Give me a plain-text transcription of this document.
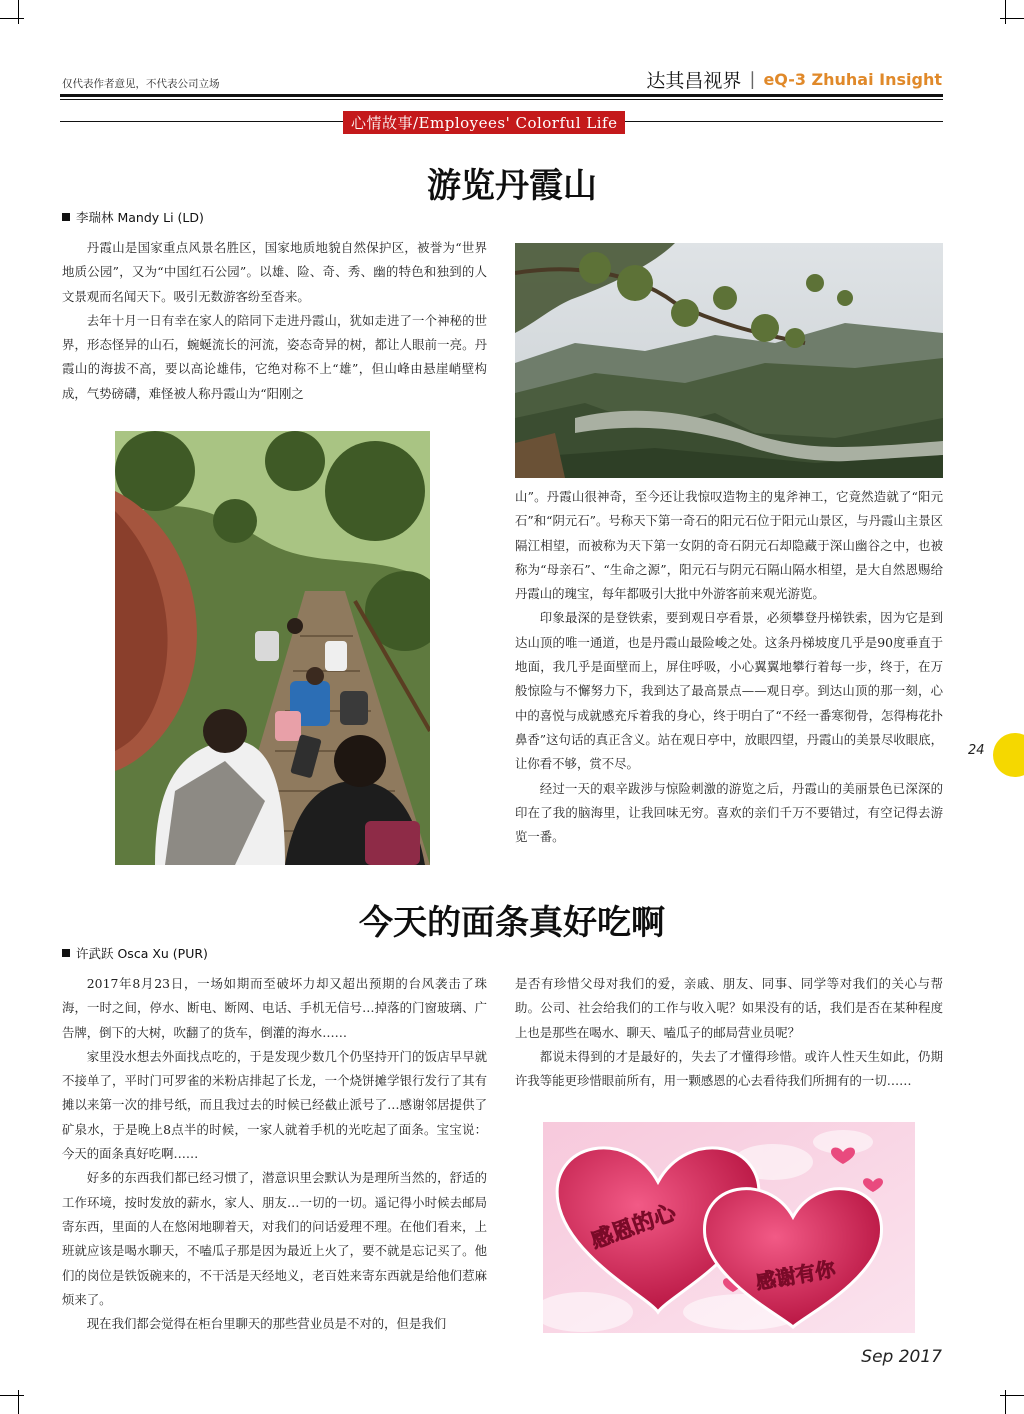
仅代表作者意见，不代表公司立场	达其昌视界 | eQ-3 Zhuhai Insight
心情故事/Employees' Colorful Life
游览丹霞山
李瑞林 Mandy Li (LD)

丹霞山是国家重点风景名胜区，国家地质地貌自然保护区，被誉为“世界地质公园”，又为“中国红石公园”。以雄、险、奇、秀、幽的特色和独到的人文景观而名闻天下。吸引无数游客纷至沓来。

去年十月一日有幸在家人的陪同下走进丹霞山，犹如走进了一个神秘的世界，形态怪异的山石，蜿蜒流长的河流，姿态奇异的树，都让人眼前一亮。丹霞山的海拔不高，要以高论雄伟，它绝对称不上“雄”，但山峰由悬崖峭壁构成，气势磅礴，难怪被人称丹霞山为“阳刚之

山”。丹霞山很神奇，至今还让我惊叹造物主的鬼斧神工，它竟然造就了“阳元石”和“阴元石”。号称天下第一奇石的阳元石位于阳元山景区，与丹霞山主景区隔江相望，而被称为天下第一女阴的奇石阴元石却隐藏于深山幽谷之中，也被称为“母亲石”、“生命之源”，阳元石与阴元石隔山隔水相望，是大自然恩赐给丹霞山的瑰宝，每年都吸引大批中外游客前来观光游览。

印象最深的是登铁索，要到观日亭看景，必须攀登丹梯铁索，因为它是到达山顶的唯一通道，也是丹霞山最险峻之处。这条丹梯坡度几乎是90度垂直于地面，我几乎是面壁而上，屏住呼吸，小心翼翼地攀行着每一步，终于，在万般惊险与不懈努力下，我到达了最高景点——观日亭。到达山顶的那一刻，心中的喜悦与成就感充斥着我的身心，终于明白了“不经一番寒彻骨，怎得梅花扑鼻香”这句话的真正含义。站在观日亭中，放眼四望，丹霞山的美景尽收眼底，让你看不够，赏不尽。

经过一天的艰辛跋涉与惊险刺激的游览之后，丹霞山的美丽景色已深深的印在了我的脑海里，让我回味无穷。喜欢的亲们千万不要错过，有空记得去游览一番。

24
今天的面条真好吃啊
许武跃 Osca Xu (PUR)

2017年8月23日，一场如期而至破坏力却又超出预期的台风袭击了珠海，一时之间，停水、断电、断网、电话、手机无信号…掉落的门窗玻璃、广告牌，倒下的大树，吹翻了的货车，倒灌的海水……

家里没水想去外面找点吃的，于是发现少数几个仍坚持开门的饭店早早就不接单了，平时门可罗雀的米粉店排起了长龙，一个烧饼摊学银行发行了其有摊以来第一次的排号纸，而且我过去的时候已经截止派号了…感谢邻居提供了矿泉水，于是晚上8点半的时候，一家人就着手机的光吃起了面条。宝宝说：今天的面条真好吃啊……

好多的东西我们都已经习惯了，潜意识里会默认为是理所当然的，舒适的工作环境，按时发放的薪水，家人、朋友…一切的一切。遥记得小时候去邮局寄东西，里面的人在悠闲地聊着天，对我们的问话爱理不理。在他们看来，上班就应该是喝水聊天，不嗑瓜子那是因为最近上火了，要不就是忘记买了。他们的岗位是铁饭碗来的，不干活是天经地义，老百姓来寄东西就是给他们惹麻烦来了。

现在我们都会觉得在柜台里聊天的那些营业员是不对的，但是我们

是否有珍惜父母对我们的爱，亲戚、朋友、同事、同学等对我们的关心与帮助。公司、社会给我们的工作与收入呢？如果没有的话，我们是否在某种程度上也是那些在喝水、聊天、嗑瓜子的邮局营业员呢？

都说未得到的才是最好的，失去了才懂得珍惜。或许人性天生如此，仍期许我等能更珍惜眼前所有，用一颗感恩的心去看待我们所拥有的一切……

感恩的心
感谢有你
Sep 2017
